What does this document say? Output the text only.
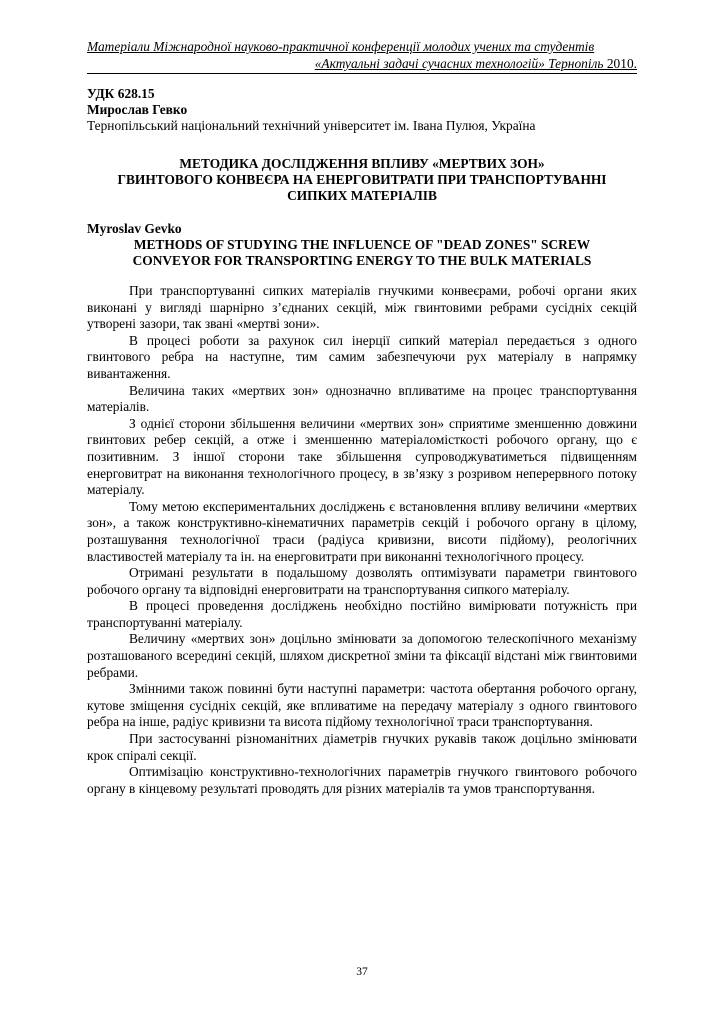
Матеріали Міжнародної науково-практичної конференції молодих учених та студентів
«Актуальні задачі сучасних технологій» Тернопіль 2010.
УДК 628.15
Мирослав Гевко
Тернопільський національний технічний університет ім. Івана Пулюя, Україна
МЕТОДИКА ДОСЛІДЖЕННЯ ВПЛИВУ «МЕРТВИХ ЗОН»
ГВИНТОВОГО КОНВЕЄРА НА ЕНЕРГОВИТРАТИ ПРИ ТРАНСПОРТУВАННІ
СИПКИХ МАТЕРІАЛІВ
Myroslav Gevko
METHODS OF STUDYING THE INFLUENCE OF "DEAD ZONES" SCREW
CONVEYOR FOR TRANSPORTING ENERGY TO THE BULK MATERIALS

При транспортуванні сипких матеріалів гнучкими конвеєрами, робочі органи яких виконані у вигляді шарнірно з’єднаних секцій, між гвинтовими ребрами сусідніх секцій утворені зазори, так звані «мертві зони».

В процесі роботи за рахунок сил інерції сипкий матеріал передається з одного гвинтового ребра на наступне, тим самим забезпечуючи рух матеріалу в напрямку вивантаження.

Величина таких «мертвих зон» однозначно впливатиме на процес транспортування матеріалів.

З однієї сторони збільшення величини «мертвих зон» сприятиме зменшенню довжини гвинтових ребер секцій, а отже і зменшенню матеріаломісткості робочого органу, що є позитивним. З іншої сторони таке збільшення супроводжуватиметься підвищенням енерговитрат на виконання технологічного процесу, в зв’язку з розривом неперервного потоку матеріалу.

Тому метою експериментальних досліджень є встановлення впливу величини «мертвих зон», а також конструктивно-кінематичних параметрів секцій і робочого органу в цілому, розташування технологічної траси (радіуса кривизни, висоти підйому), реологічних властивостей матеріалу та ін. на енерговитрати при виконанні технологічного процесу.

Отримані результати в подальшому дозволять оптимізувати параметри гвинтового робочого органу та відповідні енерговитрати на транспортування сипкого матеріалу.

В процесі проведення досліджень необхідно постійно вимірювати потужність при транспортуванні матеріалу.

Величину «мертвих зон» доцільно змінювати за допомогою телескопічного механізму розташованого всередині секцій, шляхом дискретної зміни та фіксації відстані між гвинтовими ребрами.

Змінними також повинні бути наступні параметри: частота обертання робочого органу, кутове зміщення сусідніх секцій, яке впливатиме на передачу матеріалу з одного гвинтового ребра на інше, радіус кривизни та висота підйому технологічної траси транспортування.

При застосуванні різноманітних діаметрів гнучких рукавів також доцільно змінювати крок спіралі секції.

Оптимізацію конструктивно-технологічних параметрів гнучкого гвинтового робочого органу в кінцевому результаті проводять для різних матеріалів та умов транспортування.

37
